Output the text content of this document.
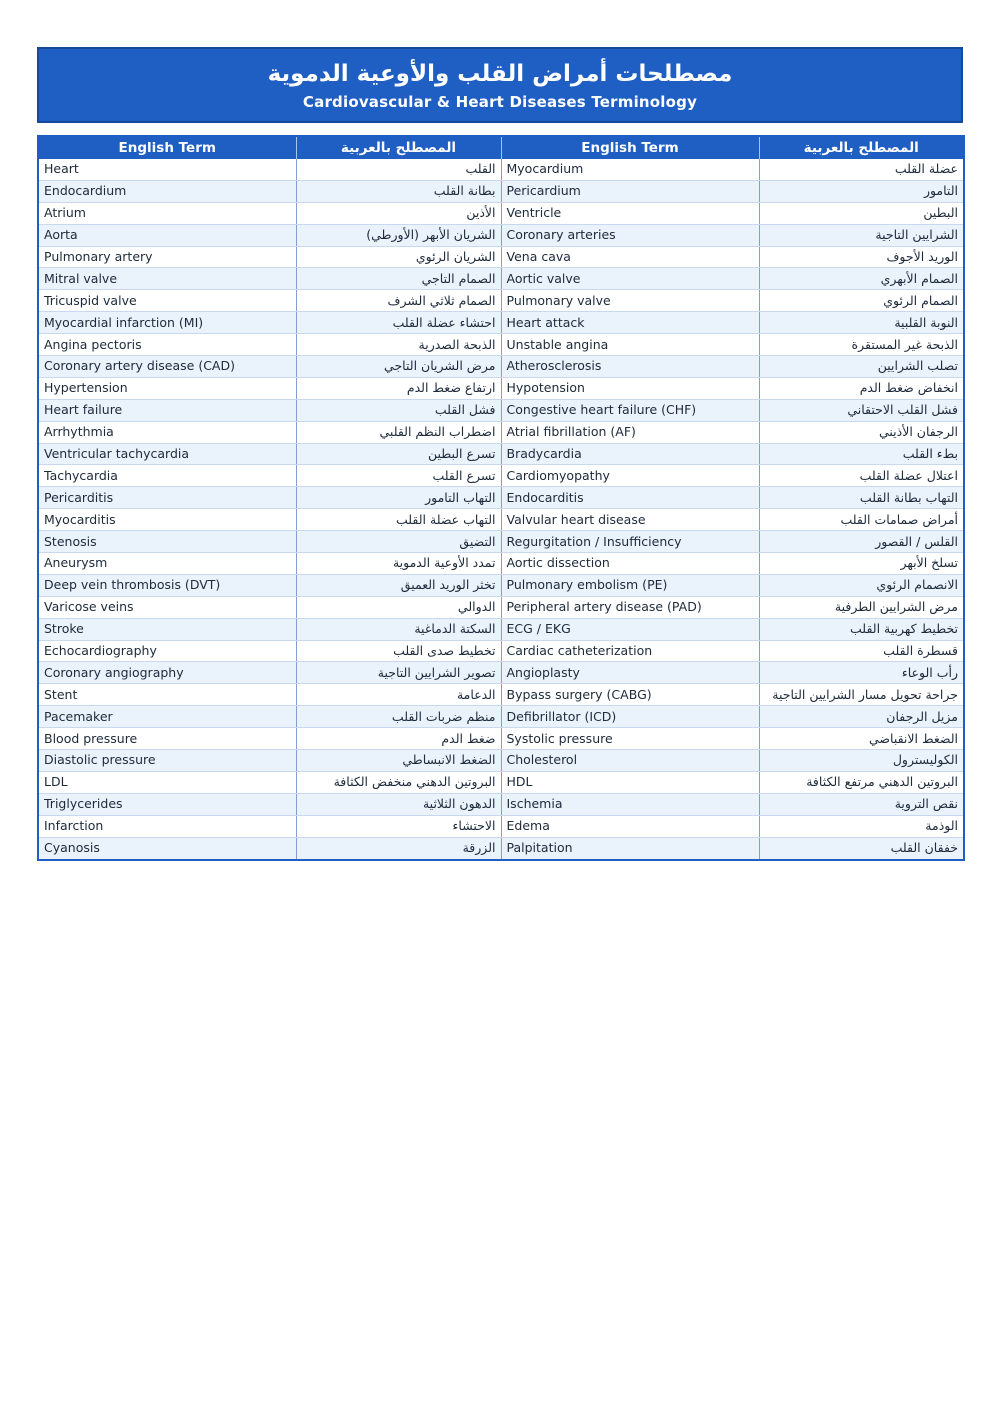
مصطلحات أمراض القلب والأوعية الدموية
Cardiovascular & Heart Diseases Terminology
English Term	المصطلح بالعربية	English Term	المصطلح بالعربية
Heart	القلب	Myocardium	عضلة القلب
Endocardium	بطانة القلب	Pericardium	التامور
Atrium	الأذين	Ventricle	البطين
Aorta	الشريان الأبهر (الأورطي)	Coronary arteries	الشرايين التاجية
Pulmonary artery	الشريان الرئوي	Vena cava	الوريد الأجوف
Mitral valve	الصمام التاجي	Aortic valve	الصمام الأبهري
Tricuspid valve	الصمام ثلاثي الشرف	Pulmonary valve	الصمام الرئوي
Myocardial infarction (MI)	احتشاء عضلة القلب	Heart attack	النوبة القلبية
Angina pectoris	الذبحة الصدرية	Unstable angina	الذبحة غير المستقرة
Coronary artery disease (CAD)	مرض الشريان التاجي	Atherosclerosis	تصلب الشرايين
Hypertension	ارتفاع ضغط الدم	Hypotension	انخفاض ضغط الدم
Heart failure	فشل القلب	Congestive heart failure (CHF)	فشل القلب الاحتقاني
Arrhythmia	اضطراب النظم القلبي	Atrial fibrillation (AF)	الرجفان الأذيني
Ventricular tachycardia	تسرع البطين	Bradycardia	بطء القلب
Tachycardia	تسرع القلب	Cardiomyopathy	اعتلال عضلة القلب
Pericarditis	التهاب التامور	Endocarditis	التهاب بطانة القلب
Myocarditis	التهاب عضلة القلب	Valvular heart disease	أمراض صمامات القلب
Stenosis	التضيق	Regurgitation / Insufficiency	القلس / القصور
Aneurysm	تمدد الأوعية الدموية	Aortic dissection	تسلخ الأبهر
Deep vein thrombosis (DVT)	تخثر الوريد العميق	Pulmonary embolism (PE)	الانصمام الرئوي
Varicose veins	الدوالي	Peripheral artery disease (PAD)	مرض الشرايين الطرفية
Stroke	السكتة الدماغية	ECG / EKG	تخطيط كهربية القلب
Echocardiography	تخطيط صدى القلب	Cardiac catheterization	قسطرة القلب
Coronary angiography	تصوير الشرايين التاجية	Angioplasty	رأب الوعاء
Stent	الدعامة	Bypass surgery (CABG)	جراحة تحويل مسار الشرايين التاجية
Pacemaker	منظم ضربات القلب	Defibrillator (ICD)	مزيل الرجفان
Blood pressure	ضغط الدم	Systolic pressure	الضغط الانقباضي
Diastolic pressure	الضغط الانبساطي	Cholesterol	الكوليسترول
LDL	البروتين الدهني منخفض الكثافة	HDL	البروتين الدهني مرتفع الكثافة
Triglycerides	الدهون الثلاثية	Ischemia	نقص التروية
Infarction	الاحتشاء	Edema	الوذمة
Cyanosis	الزرقة	Palpitation	خفقان القلب
